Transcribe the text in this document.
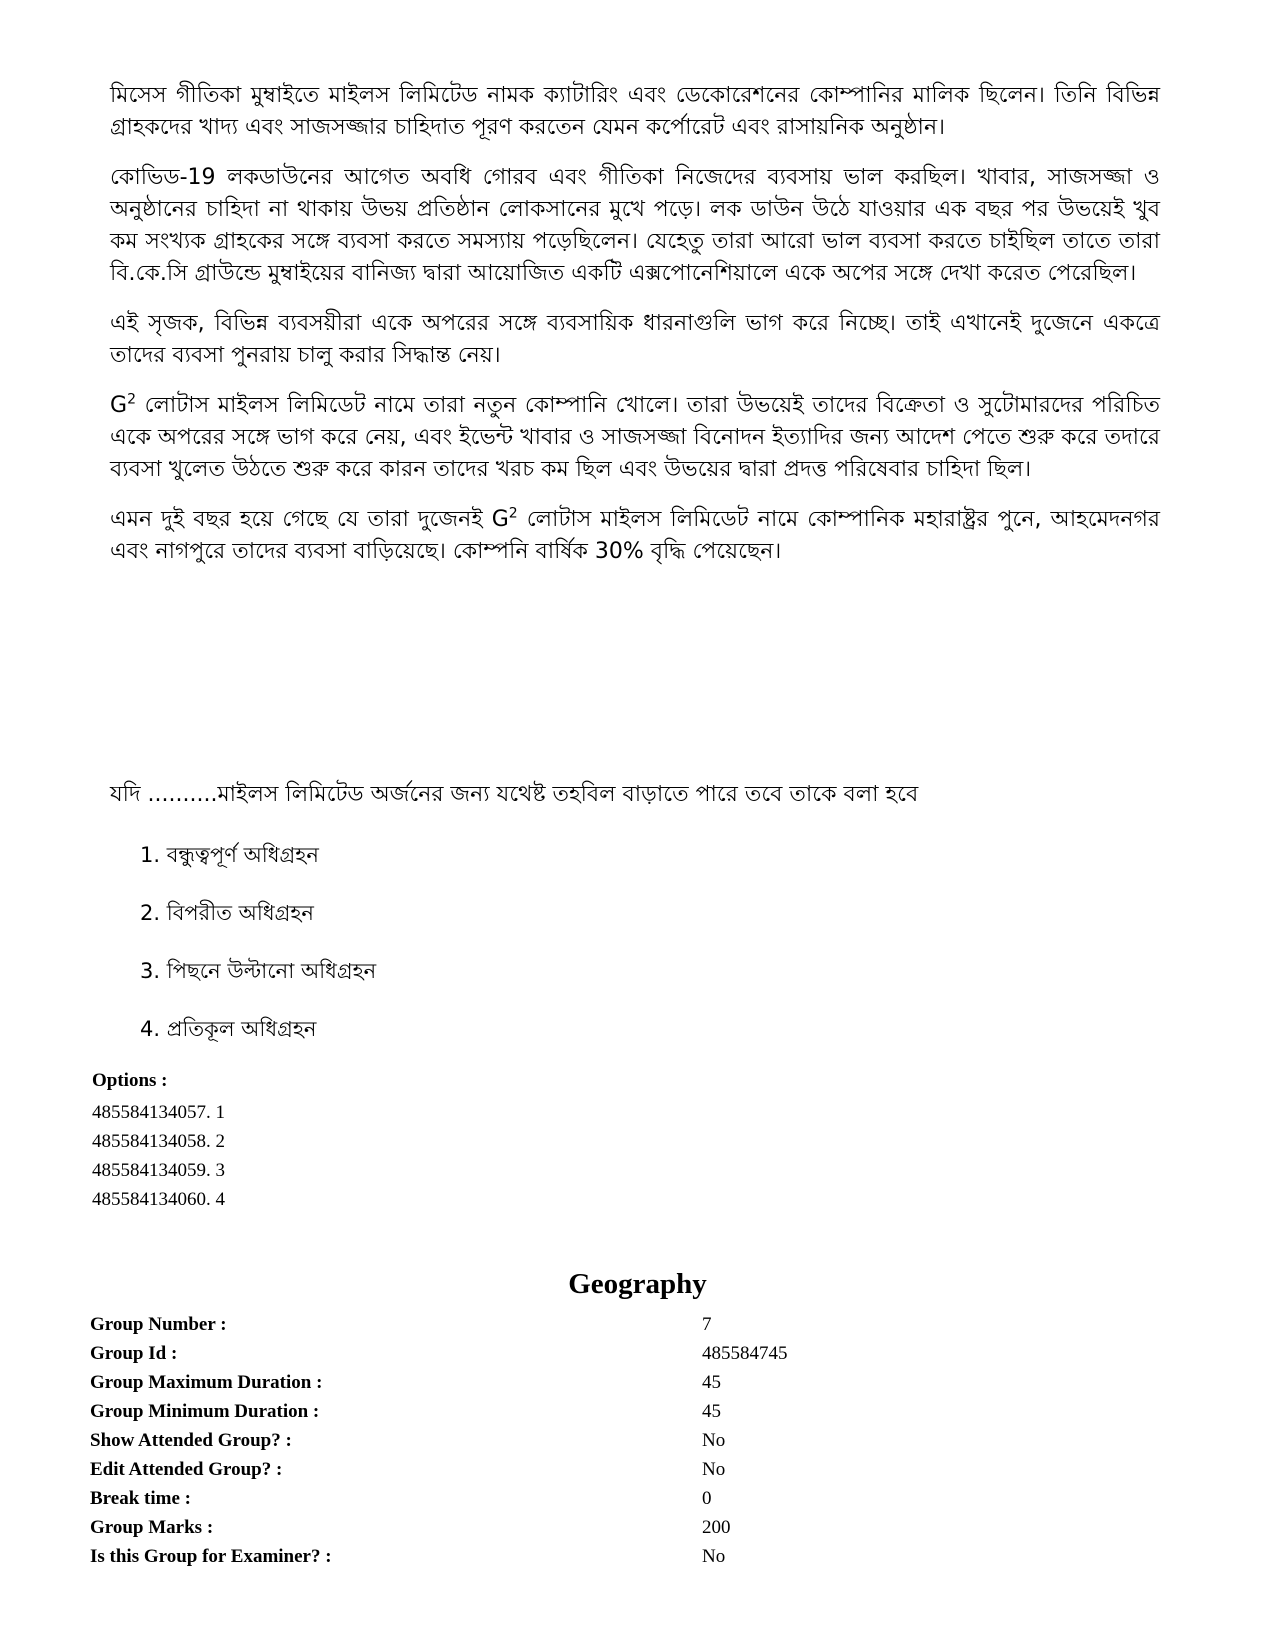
মিসেস গীতিকা মুম্বাইতে মাইলস লিমিটেড নামক ক্যাটারিং এবং ডেকোরেশনের কোম্পানির মালিক ছিলেন। তিনি বিভিন্ন গ্রাহকদের খাদ্য এবং সাজসজ্জার চাহিদাত পূরণ করতেন যেমন কর্পোরেট এবং রাসায়নিক অনুষ্ঠান।

কোভিড-19 লকডাউনের আগেত অবধি গোরব এবং গীতিকা নিজেদের ব্যবসায় ভাল করছিল। খাবার, সাজসজ্জা ও অনুষ্ঠানের চাহিদা না থাকায় উভয় প্রতিষ্ঠান লোকসানের মুখে পড়ে। লক ডাউন উঠে যাওয়ার এক বছর পর উভয়েই খুব কম সংখ্যক গ্রাহকের সঙ্গে ব্যবসা করতে সমস্যায় পড়েছিলেন। যেহেতু তারা আরো ভাল ব্যবসা করতে চাইছিল তাতে তারা বি.কে.সি গ্রাউন্ডে মুম্বাইয়ের বানিজ্য দ্বারা আয়োজিত একটি এক্সপোনেশিয়ালে একে অপের সঙ্গে দেখা করেত পেরেছিল।

এই সৃজক, বিভিন্ন ব্যবসয়ীরা একে অপরের সঙ্গে ব্যবসায়িক ধারনাগুলি ভাগ করে নিচ্ছে। তাই এখানেই দুজেনে একত্রে তাদের ব্যবসা পুনরায় চালু করার সিদ্ধান্ত নেয়।

$G^2$ লোটাস মাইলস লিমিডেট নামে তারা নতুন কোম্পানি খোলে। তারা উভয়েই তাদের বিক্রেতা ও সুটোমারদের পরিচিত একে অপরের সঙ্গে ভাগ করে নেয়, এবং ইভেন্ট খাবার ও সাজসজ্জা বিনোদন ইত্যাদির জন্য আদেশ পেতে শুরু করে তদারে ব্যবসা খুলেত উঠতে শুরু করে কারন তাদের খরচ কম ছিল এবং উভয়ের দ্বারা প্রদত্ত পরিষেবার চাহিদা ছিল।

এমন দুই বছর হয়ে গেছে যে তারা দুজেনই $G^2$ লোটাস মাইলস লিমিডেট নামে কোম্পানিক মহারাষ্ট্রর পুনে, আহমেদনগর এবং নাগপুরে তাদের ব্যবসা বাড়িয়েছে। কোম্পনি বার্ষিক 30% বৃদ্ধি পেয়েছেন।

যদি ..........মাইলস লিমিটেড অর্জনের জন্য যথেষ্ট তহবিল বাড়াতে পারে তবে তাকে বলা হবে
1. বন্ধুত্বপূর্ণ অধিগ্রহন
2. বিপরীত অধিগ্রহন
3. পিছনে উল্টানো অধিগ্রহন
4. প্রতিকূল অধিগ্রহন
Options :
485584134057. 1
485584134058. 2
485584134059. 3
485584134060. 4
Geography
Group Number :	7
Group Id :	485584745
Group Maximum Duration :	45
Group Minimum Duration :	45
Show Attended Group? :	No
Edit Attended Group? :	No
Break time :	0
Group Marks :	200
Is this Group for Examiner? :	No
